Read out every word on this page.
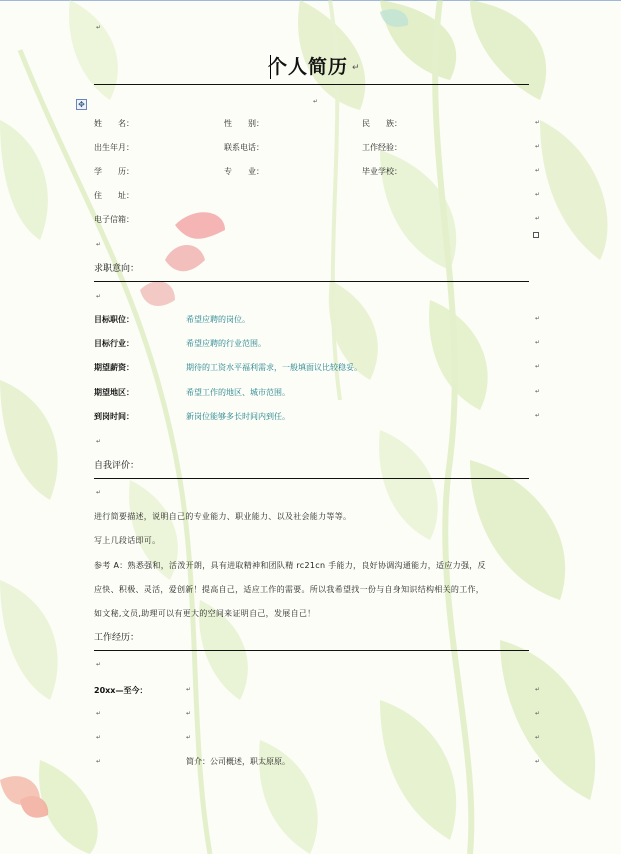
↵
个人简历 ↵
↵
✥
姓　　名：	性　　别：	民　　族：
出生年月：	联系电话：	工作经验：
学　　历：	专　　业：	毕业学校：
住　　址：
电子信箱：
↵
↵
↵
↵
↵
↵
求职意向：
↵
目标职位：	希望应聘的岗位。
目标行业：	希望应聘的行业范围。
期望薪资：	期待的工资水平福利需求，一般填面议比较稳妥。
期望地区：	希望工作的地区、城市范围。
到岗时间：	新岗位能够多长时间内到任。
↵
↵
↵
↵
↵
↵
自我评价：
↵
进行简要描述，说明自己的专业能力、职业能力、以及社会能力等等。
写上几段话即可。
参考 A：熟悉强和，活泼开朗，具有进取精神和团队精 rc21cn 手能力，良好协调沟通能力，适应力强，反
应快、积极、灵活，爱创新！提高自己，适应工作的需要。所以我希望找一份与自身知识结构相关的工作，
如文秘,文员,助理可以有更大的空间来证明自己，发展自己！
工作经历：
↵
20xx—至今：	↵	↵
↵	↵	↵
↵	↵	↵
↵	简介：公司概述，职太原原。	↵
